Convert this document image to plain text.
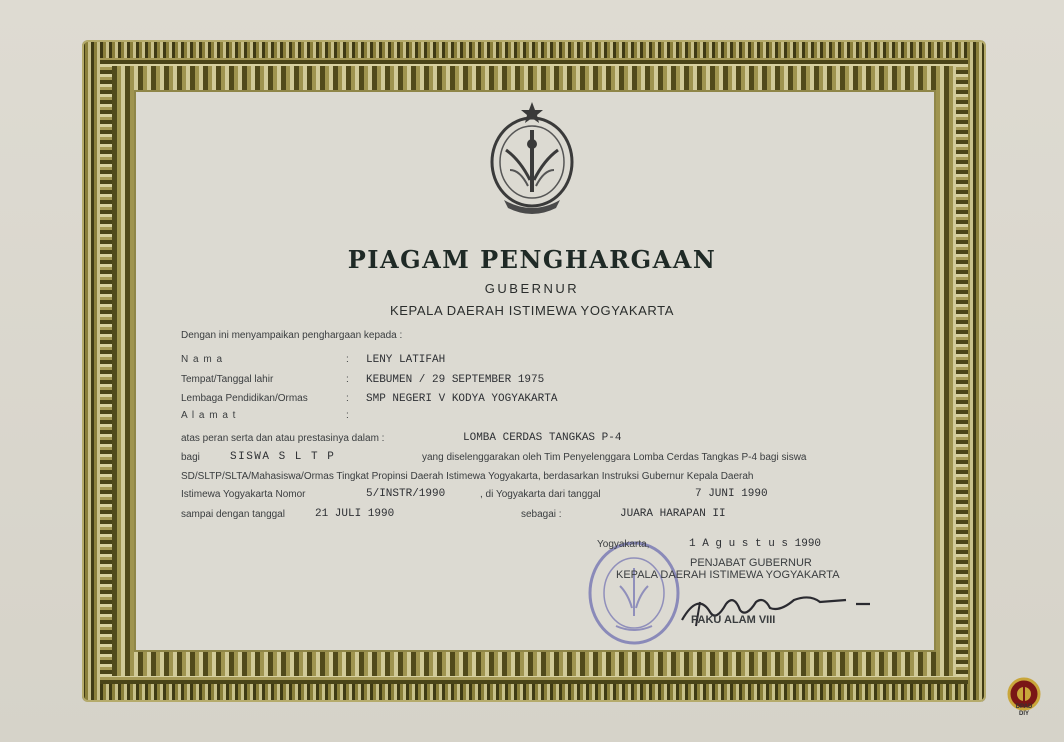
PIAGAM PENGHARGAAN
GUBERNUR
KEPALA DAERAH ISTIMEWA YOGYAKARTA
Dengan ini menyampaikan penghargaan kepada :
N a m a	: LENY LATIFAH
Tempat/Tanggal lahir	: KEBUMEN / 29 SEPTEMBER 1975
Lembaga Pendidikan/Ormas	: SMP NEGERI V KODYA YOGYAKARTA
A l a m a t	:
atas peran serta dan atau prestasinya dalam :	LOMBA CERDAS TANGKAS P-4
bagi	SISWA S L T P	yang diselenggarakan oleh Tim Penyelenggara Lomba Cerdas Tangkas P-4 bagi siswa
SD/SLTP/SLTA/Mahasiswa/Ormas Tingkat Propinsi Daerah Istimewa Yogyakarta, berdasarkan Instruksi Gubernur Kepala Daerah
Istimewa Yogyakarta Nomor	5/INSTR/1990	, di Yogyakarta dari tanggal	7 JUNI 1990
sampai dengan tanggal	21 JULI 1990	sebagai :	JUARA HARAPAN II
Yogyakarta,	1 A g u s t u s 1990
PENJABAT GUBERNUR
KEPALA DAERAH ISTIMEWA YOGYAKARTA
PAKU ALAM VIII
DPAD
DIY
